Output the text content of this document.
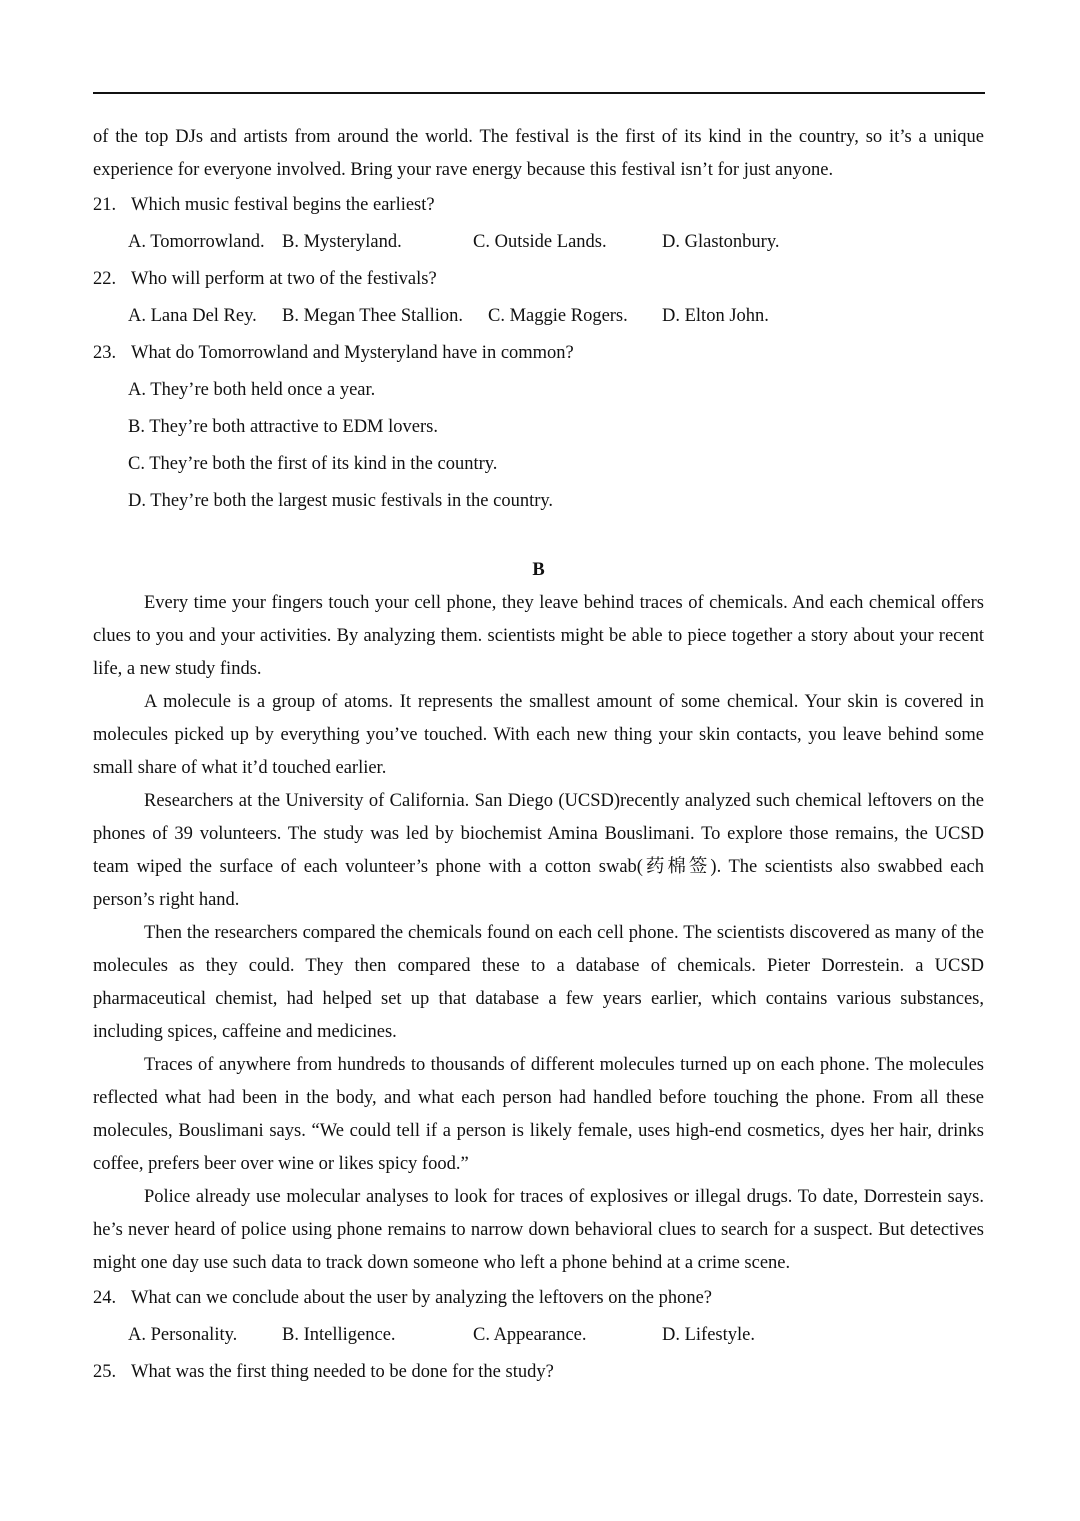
of the top DJs and artists from around the world. The festival is the first of its kind in the country, so it’s a unique experience for everyone involved. Bring your rave energy because this festival isn’t for just anyone.

21. Which music festival begins the earliest?
A. Tomorrowland. B. Mysteryland.	C. Outside Lands.	D. Glastonbury.
22. Who will perform at two of the festivals?
A. Lana Del Rey. B. Megan Thee Stallion. C. Maggie Rogers. D. Elton John.
23. What do Tomorrowland and Mysteryland have in common?
A. They’re both held once a year.
B. They’re both attractive to EDM lovers.
C. They’re both the first of its kind in the country.
D. They’re both the largest music festivals in the country.
B

Every time your fingers touch your cell phone, they leave behind traces of chemicals. And each chemical offers clues to you and your activities. By analyzing them. scientists might be able to piece together a story about your recent life, a new study finds.

A molecule is a group of atoms. It represents the smallest amount of some chemical. Your skin is covered in molecules picked up by everything you’ve touched. With each new thing your skin contacts, you leave behind some small share of what it’d touched earlier.

Researchers at the University of California. San Diego (UCSD)recently analyzed such chemical leftovers on the phones of 39 volunteers. The study was led by biochemist Amina Bouslimani. To explore those remains, the UCSD team wiped the surface of each volunteer’s phone with a cotton swab(药棉签). The scientists also swabbed each person’s right hand.

Then the researchers compared the chemicals found on each cell phone. The scientists discovered as many of the molecules as they could. They then compared these to a database of chemicals. Pieter Dorrestein. a UCSD pharmaceutical chemist, had helped set up that database a few years earlier, which contains various substances, including spices, caffeine and medicines.

Traces of anywhere from hundreds to thousands of different molecules turned up on each phone. The molecules reflected what had been in the body, and what each person had handled before touching the phone. From all these molecules, Bouslimani says. “We could tell if a person is likely female, uses high-end cosmetics, dyes her hair, drinks coffee, prefers beer over wine or likes spicy food.”

Police already use molecular analyses to look for traces of explosives or illegal drugs. To date, Dorrestein says. he’s never heard of police using phone remains to narrow down behavioral clues to search for a suspect. But detectives might one day use such data to track down someone who left a phone behind at a crime scene.

24. What can we conclude about the user by analyzing the leftovers on the phone?
A. Personality. B. Intelligence.	C. Appearance.	D. Lifestyle.
25. What was the first thing needed to be done for the study?
